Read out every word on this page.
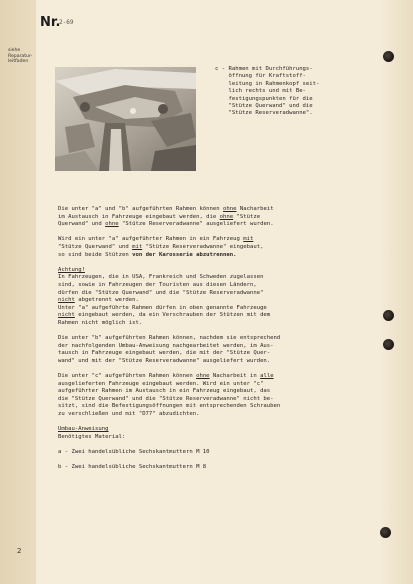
Nr.
2-69
siehe
Reparatur-
leitfaden
c - Rahmen mit Durchführungs-
öffnung für Kraftstoff-
leitung in Rahmenkopf seit-
lich rechts und mit Be-
festigungspunkten für die
"Stütze Querwand" und die
"Stütze Reserveradwanne".

Die unter "a" und "b" aufgeführten Rahmen können ohne Nacharbeit
im Austausch in Fahrzeuge eingebaut werden, die ohne "Stütze
Querwand" und ohne "Stütze Reserveradwanne" ausgeliefert wurden.

Wird ein unter "a" aufgeführter Rahmen in ein Fahrzeug mit
"Stütze Querwand" und mit "Stütze Reserveradwanne" eingebaut,
so sind beide Stützen von der Karosserie abzutrennen.

Achtung!
In Fahrzeugen, die in USA, Frankreich und Schweden zugelassen
sind, sowie in Fahrzeugen der Touristen aus diesen Ländern,
dürfen die "Stütze Querwand" und die "Stütze Reserveradwanne"
nicht abgetrennt werden.
Unter "a" aufgeführte Rahmen dürfen in oben genannte Fahrzeuge
nicht eingebaut werden, da ein Verschrauben der Stützen mit dem
Rahmen nicht möglich ist.

Die unter "b" aufgeführten Rahmen können, nachdem sie entsprechend
der nachfolgenden Umbau-Anweisung nachgearbeitet werden, im Aus-
tausch in Fahrzeuge eingebaut werden, die mit der "Stütze Quer-
wand" und mit der "Stütze Reserveradwanne" ausgeliefert wurden.

Die unter "c" aufgeführten Rahmen können ohne Nacharbeit in alle
ausgelieferten Fahrzeuge eingebaut werden. Wird ein unter "c"
aufgeführter Rahmen im Austausch in ein Fahrzeug eingebaut, das
die "Stütze Querwand" und die "Stütze Reserveradwanne" nicht be-
sitzt, sind die Befestigungsöffnungen mit entsprechenden Schrauben
zu verschließen und mit "D77" abzudichten.

Umbau-Anweisung
Benötigtes Material:

a - Zwei handelsübliche Sechskantmuttern M 10

b - Zwei handelsübliche Sechskantmuttern M 8

2
